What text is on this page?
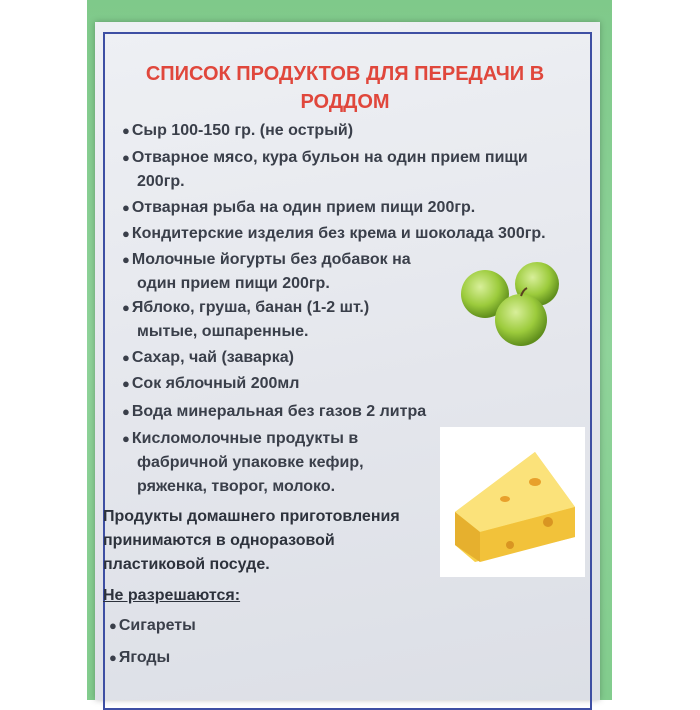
СПИСОК ПРОДУКТОВ ДЛЯ ПЕРЕДАЧИ В
РОДДОМ
● Сыр 100-150 гр. (не острый)
● Отварное мясо, кура бульон на один прием пищи
200гр.
● Отварная рыба на один прием пищи 200гр.
● Кондитерские изделия без крема и шоколада 300гр.
● Молочные йогурты без добавок на
один прием пищи 200гр.
● Яблоко, груша, банан (1-2 шт.)
мытые, ошпаренные.
● Сахар, чай (заварка)
● Сок яблочный 200мл
● Вода минеральная без газов 2 литра
● Кисломолочные продукты в
фабричной упаковке кефир,
ряженка, творог, молоко.
Продукты домашнего приготовления
принимаются в одноразовой
пластиковой посуде.
Не разрешаются:
● Сигареты
● Ягоды
